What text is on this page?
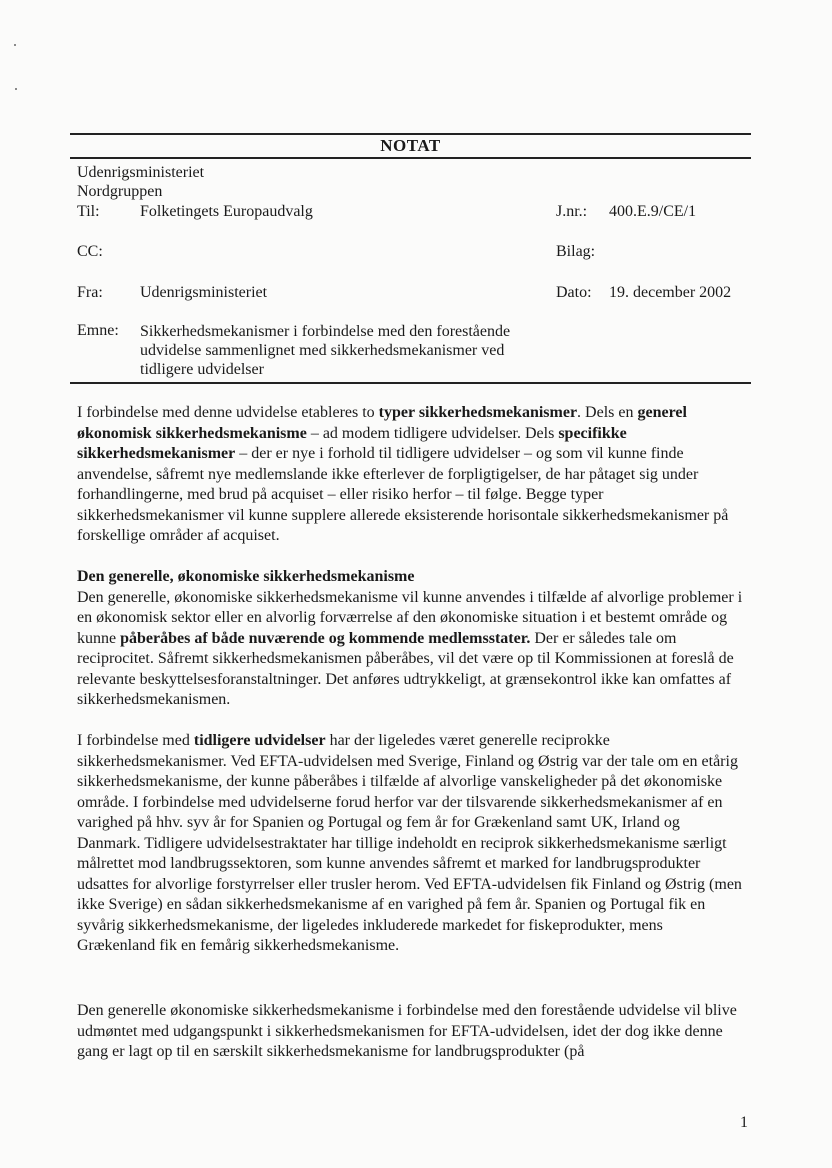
NOTAT
Udenrigsministeriet
Nordgruppen
Til:	Folketingets Europaudvalg	J.nr.: 400.E.9/CE/1
CC:	Bilag:
Fra: Udenrigsministeriet	Dato: 19. december 2002
Emne: Sikkerhedsmekanismer i forbindelse med den forestående udvidelse sammenlignet med sikkerhedsmekanismer ved tidligere udvidelser

I forbindelse med denne udvidelse etableres to typer sikkerhedsmekanismer. Dels en generel økonomisk sikkerhedsmekanisme – ad modem tidligere udvidelser. Dels specifikke sikkerhedsmekanismer – der er nye i forhold til tidligere udvidelser – og som vil kunne finde anvendelse, såfremt nye medlemslande ikke efterlever de forpligtigelser, de har påtaget sig under forhandlingerne, med brud på acquiset – eller risiko herfor – til følge. Begge typer sikkerhedsmekanismer vil kunne supplere allerede eksisterende horisontale sikkerhedsmekanismer på forskellige områder af acquiset.

Den generelle, økonomiske sikkerhedsmekanisme

Den generelle, økonomiske sikkerhedsmekanisme vil kunne anvendes i tilfælde af alvorlige problemer i en økonomisk sektor eller en alvorlig forværrelse af den økonomiske situation i et bestemt område og kunne påberåbes af både nuværende og kommende medlemsstater. Der er således tale om reciprocitet. Såfremt sikkerhedsmekanismen påberåbes, vil det være op til Kommissionen at foreslå de relevante beskyttelsesforanstaltninger. Det anføres udtrykkeligt, at grænsekontrol ikke kan omfattes af sikkerhedsmekanismen.

I forbindelse med tidligere udvidelser har der ligeledes været generelle reciprokke sikkerhedsmekanismer. Ved EFTA-udvidelsen med Sverige, Finland og Østrig var der tale om en etårig sikkerhedsmekanisme, der kunne påberåbes i tilfælde af alvorlige vanskeligheder på det økonomiske område. I forbindelse med udvidelserne forud herfor var der tilsvarende sikkerhedsmekanismer af en varighed på hhv. syv år for Spanien og Portugal og fem år for Grækenland samt UK, Irland og Danmark. Tidligere udvidelsestraktater har tillige indeholdt en reciprok sikkerhedsmekanisme særligt målrettet mod landbrugssektoren, som kunne anvendes såfremt et marked for landbrugsprodukter udsattes for alvorlige forstyrrelser eller trusler herom. Ved EFTA-udvidelsen fik Finland og Østrig (men ikke Sverige) en sådan sikkerhedsmekanisme af en varighed på fem år. Spanien og Portugal fik en syvårig sikkerhedsmekanisme, der ligeledes inkluderede markedet for fiskeprodukter, mens Grækenland fik en femårig sikkerhedsmekanisme.

Den generelle økonomiske sikkerhedsmekanisme i forbindelse med den forestående udvidelse vil blive udmøntet med udgangspunkt i sikkerhedsmekanismen for EFTA-udvidelsen, idet der dog ikke denne gang er lagt op til en særskilt sikkerhedsmekanisme for landbrugsprodukter (på

1
